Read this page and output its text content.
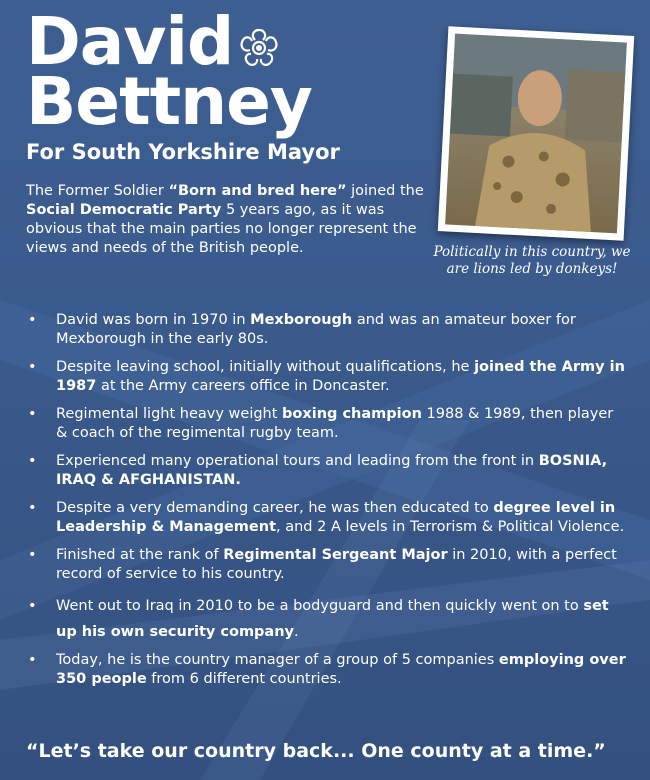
David
Bettney
For South Yorkshire Mayor
The Former Soldier “Born and bred here” joined the Social Democratic Party 5 years ago, as it was obvious that the main parties no longer represent the views and needs of the British people.	Politically in this country, we are lions led by donkeys!
• David was born in 1970 in Mexborough and was an amateur boxer for Mexborough in the early 80s.
• Despite leaving school, initially without qualifications, he joined the Army in 1987 at the Army careers office in Doncaster.
• Regimental light heavy weight boxing champion 1988 & 1989, then player & coach of the regimental rugby team.
• Experienced many operational tours and leading from the front in BOSNIA, IRAQ & AFGHANISTAN.
• Despite a very demanding career, he was then educated to degree level in Leadership & Management, and 2 A levels in Terrorism & Political Violence.
• Finished at the rank of Regimental Sergeant Major in 2010, with a perfect record of service to his country.
• Went out to Iraq in 2010 to be a bodyguard and then quickly went on to set up his own security company.
• Today, he is the country manager of a group of 5 companies employing over 350 people from 6 different countries.
“Let’s take our country back... One county at a time.”
